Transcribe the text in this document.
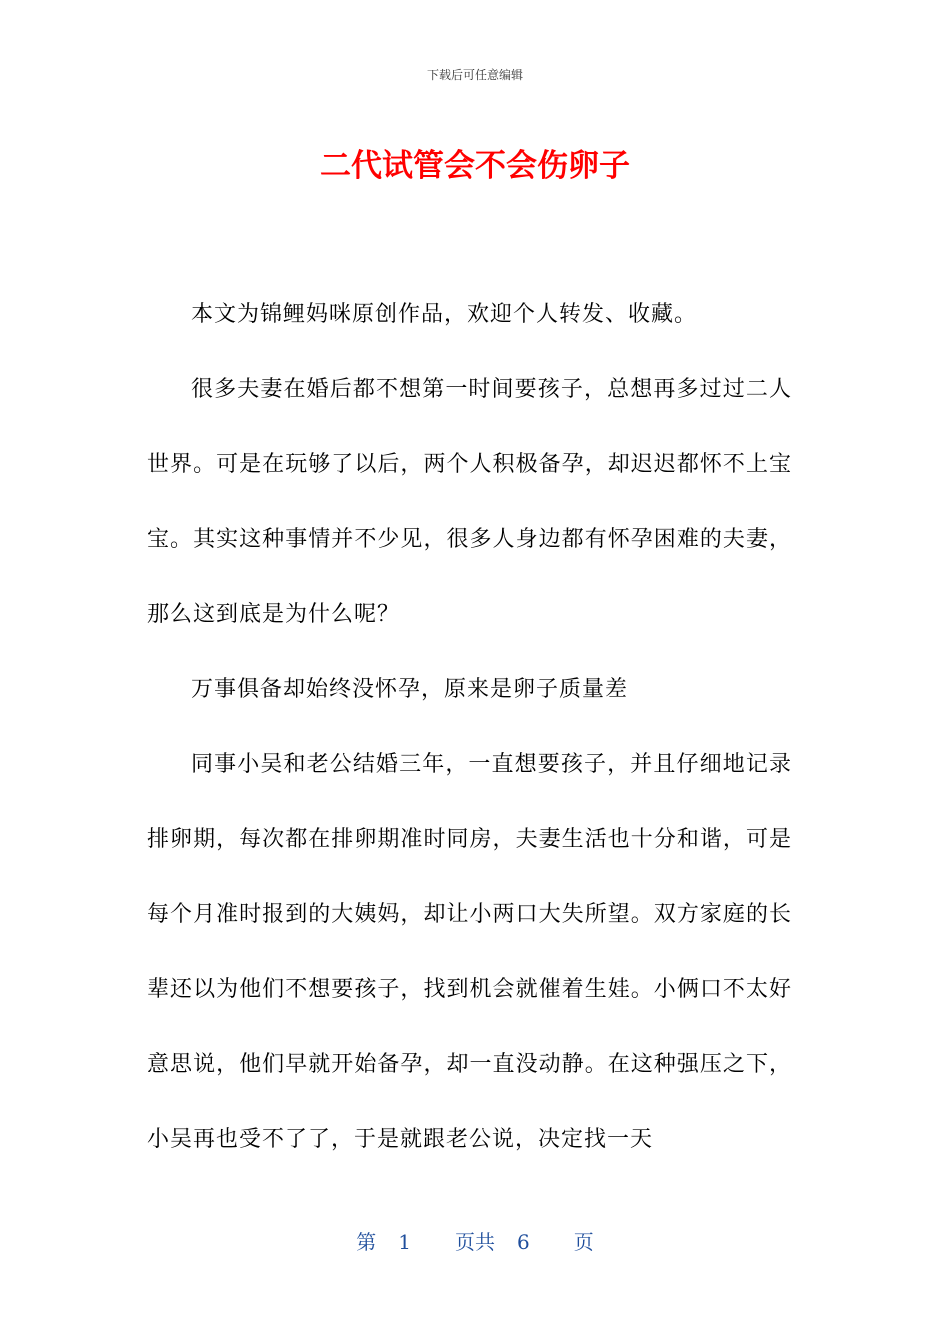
下载后可任意编辑
二代试管会不会伤卵子

本文为锦鲤妈咪原创作品，欢迎个人转发、收藏。

很多夫妻在婚后都不想第一时间要孩子，总想再多过过二人世界。可是在玩够了以后，两个人积极备孕，却迟迟都怀不上宝宝。其实这种事情并不少见，很多人身边都有怀孕困难的夫妻，那么这到底是为什么呢？

万事俱备却始终没怀孕，原来是卵子质量差

同事小吴和老公结婚三年，一直想要孩子，并且仔细地记录排卵期，每次都在排卵期准时同房，夫妻生活也十分和谐，可是每个月准时报到的大姨妈，却让小两口大失所望。双方家庭的长辈还以为他们不想要孩子，找到机会就催着生娃。小俩口不太好意思说，他们早就开始备孕，却一直没动静。在这种强压之下，小吴再也受不了了，于是就跟老公说，决定找一天

第 1 页共 6 页
